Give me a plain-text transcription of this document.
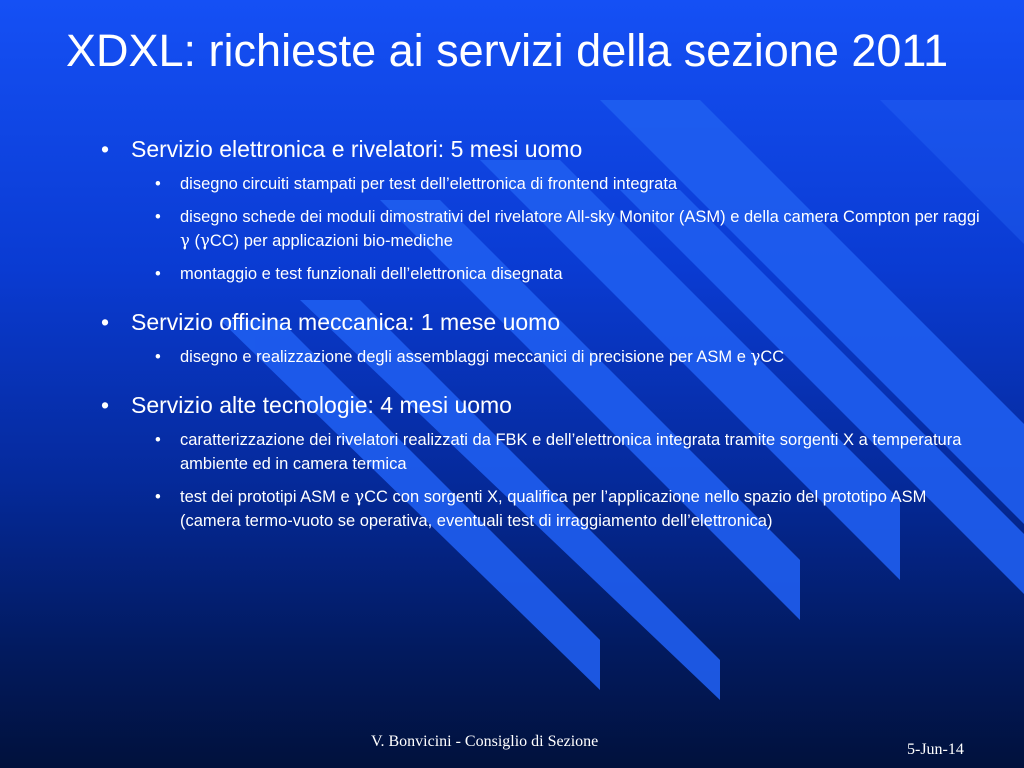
XDXL: richieste ai servizi della sezione 2011
• Servizio elettronica e rivelatori: 5 mesi uomo
• disegno circuiti stampati per test dell’elettronica di frontend integrata
• disegno schede dei moduli dimostrativi del rivelatore All-sky Monitor (ASM) e della camera Compton per raggi γ (γCC) per applicazioni bio-mediche
• montaggio e test funzionali dell’elettronica disegnata
• Servizio officina meccanica: 1 mese uomo
• disegno e realizzazione degli assemblaggi meccanici di precisione per ASM e γCC
• Servizio alte tecnologie: 4 mesi uomo
• caratterizzazione dei rivelatori realizzati da FBK e dell’elettronica integrata tramite sorgenti X a temperatura ambiente ed in camera termica
• test dei prototipi ASM e γCC con sorgenti X, qualifica per l’applicazione nello spazio del prototipo ASM (camera termo-vuoto se operativa, eventuali test di irraggiamento dell’elettronica)
V. Bonvicini - Consiglio di Sezione	5-Jun-14
